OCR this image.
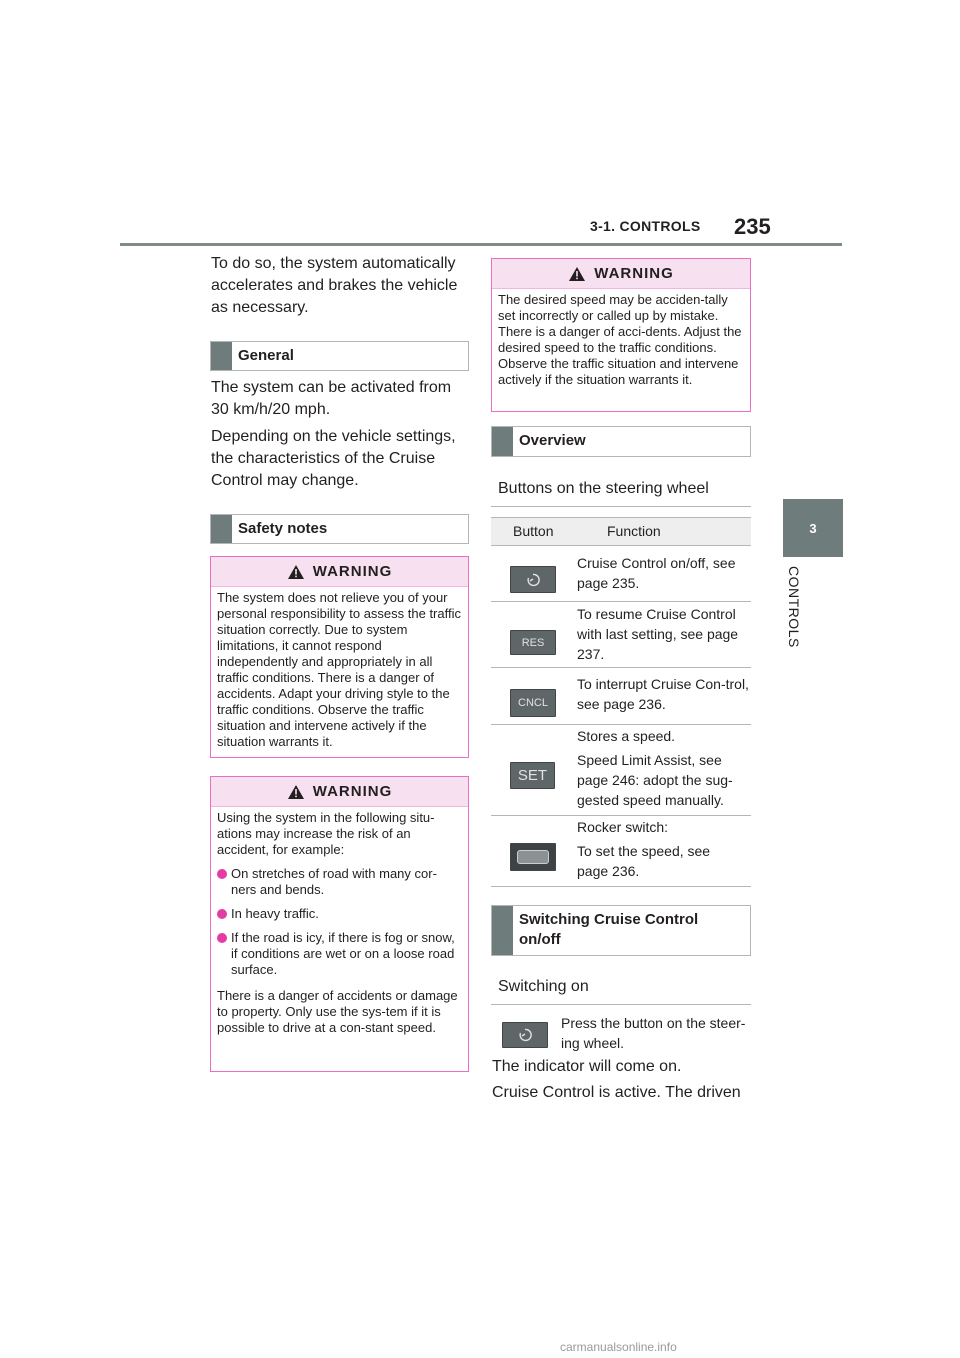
3-1. CONTROLS 235
3
CONTROLS

To do so, the system automatically accelerates and brakes the vehicle as necessary.

General

The system can be activated from 30 km/h/20 mph.

Depending on the vehicle settings, the characteristics of the Cruise Control may change.

Safety notes
WARNING

The system does not relieve you of your personal responsibility to assess the traffic situation correctly. Due to system limitations, it cannot respond independently and appropriately in all traffic conditions. There is a danger of accidents. Adapt your driving style to the traffic conditions. Observe the traffic situation and intervene actively if the situation warrants it.

WARNING

Using the system in the following situ-ations may increase the risk of an accident, for example:

On stretches of road with many cor-ners and bends.

In heavy traffic.

If the road is icy, if there is fog or snow, if conditions are wet or on a loose road surface.

There is a danger of accidents or damage to property. Only use the sys-tem if it is possible to drive at a con-stant speed.

WARNING

The desired speed may be acciden-tally set incorrectly or called up by mistake. There is a danger of acci-dents. Adjust the desired speed to the traffic conditions. Observe the traffic situation and intervene actively if the situation warrants it.

Overview
Buttons on the steering wheel
Button	Function
Cruise Control on/off, see page 235.
RES
To resume Cruise Control with last setting, see page 237.
CNCL
To interrupt Cruise Con-trol, see page 236.
SET
Stores a speed.
Speed Limit Assist, see page 246: adopt the sug-gested speed manually.
Rocker switch:
To set the speed, see page 236.
Switching Cruise Control on/off
Switching on
Press the button on the steer-ing wheel.

The indicator will come on.

Cruise Control is active. The driven

carmanualsonline.info
